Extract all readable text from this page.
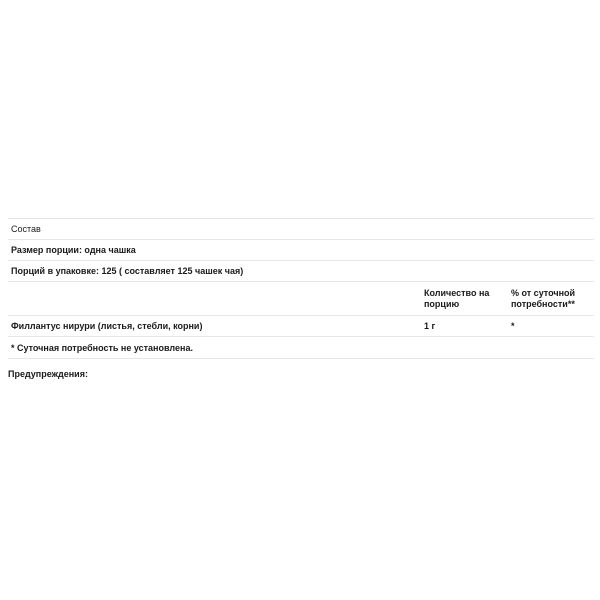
Состав
Размер порции: одна чашка
Порций в упаковке: 125 ( составляет 125 чашек чая)
Количество на порцию
% от суточной потребности**
Филлантус нирури (листья, стебли, корни)	1 г	*
* Суточная потребность не установлена.
Предупреждения:
